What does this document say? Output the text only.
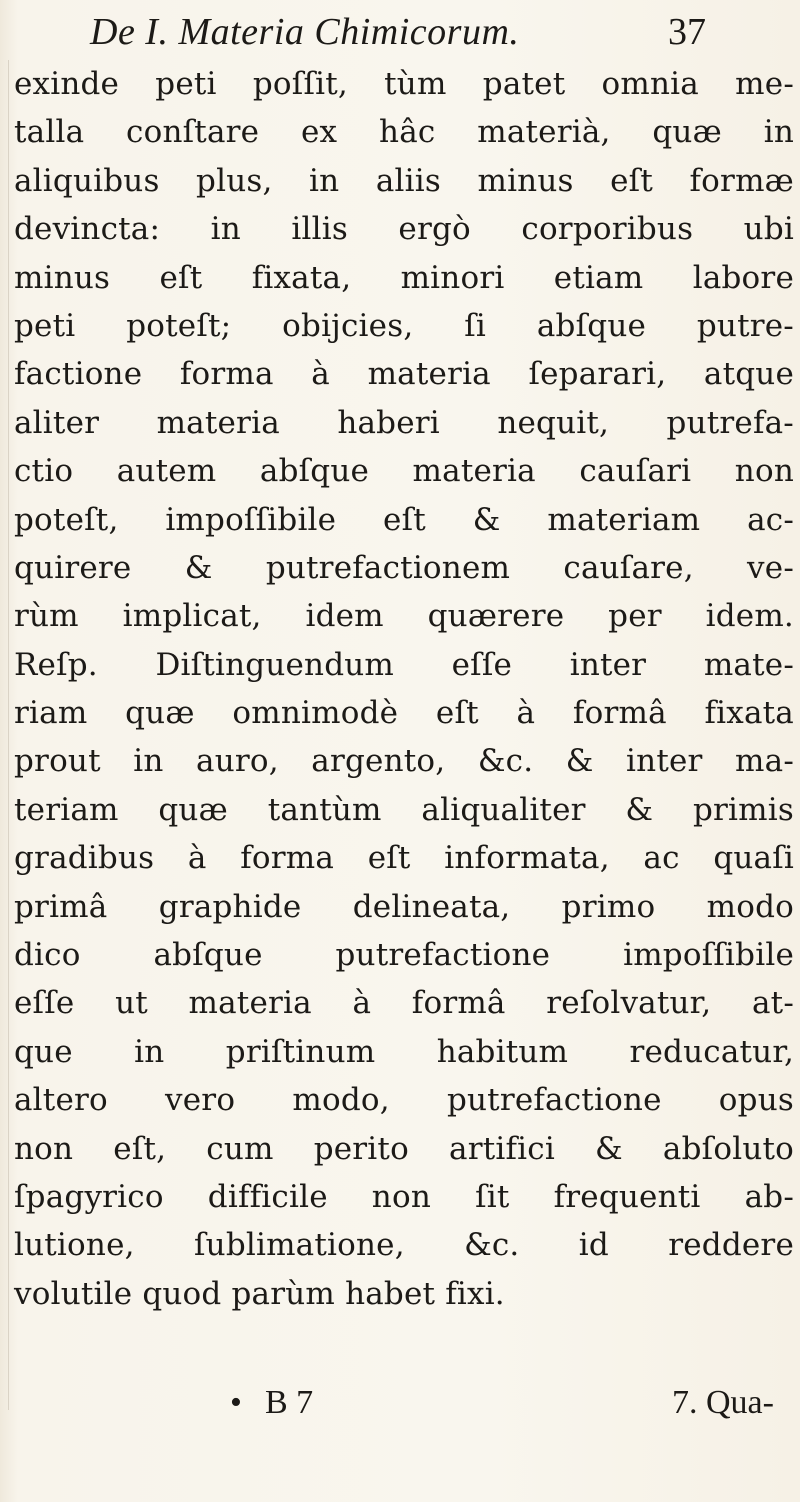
De I. Materia Chimicorum.	37
exinde peti poſſit, tùm patet omnia me-
talla conſtare ex hâc materià, quæ in
aliquibus plus, in aliis minus eſt formæ
devincta: in illis ergò corporibus ubi
minus eſt fixata, minori etiam labore
peti poteſt; obijcies, ſi abſque putre-
factione forma à materia ſeparari, atque
aliter materia haberi nequit, putrefa-
ctio autem abſque materia cauſari non
poteſt, impoſſibile eſt & materiam ac-
quirere & putrefactionem cauſare, ve-
rùm implicat, idem quærere per idem.
Reſp. Diſtinguendum eſſe inter mate-
riam quæ omnimodè eſt à formâ fixata
prout in auro, argento, &c. & inter ma-
teriam quæ tantùm aliqualiter & primis
gradibus à forma eſt informata, ac quaſi
primâ graphide delineata, primo modo
dico abſque putrefactione impoſſibile
eſſe ut materia à formâ reſolvatur, at-
que in priſtinum habitum reducatur,
altero vero modo, putrefactione opus
non eſt, cum perito artifici & abſoluto
ſpagyrico difficile non ſit frequenti ab-
lutione, ſublimatione, &c. id reddere
volutile quod parùm habet fixi.
• B 7	7. Qua-
